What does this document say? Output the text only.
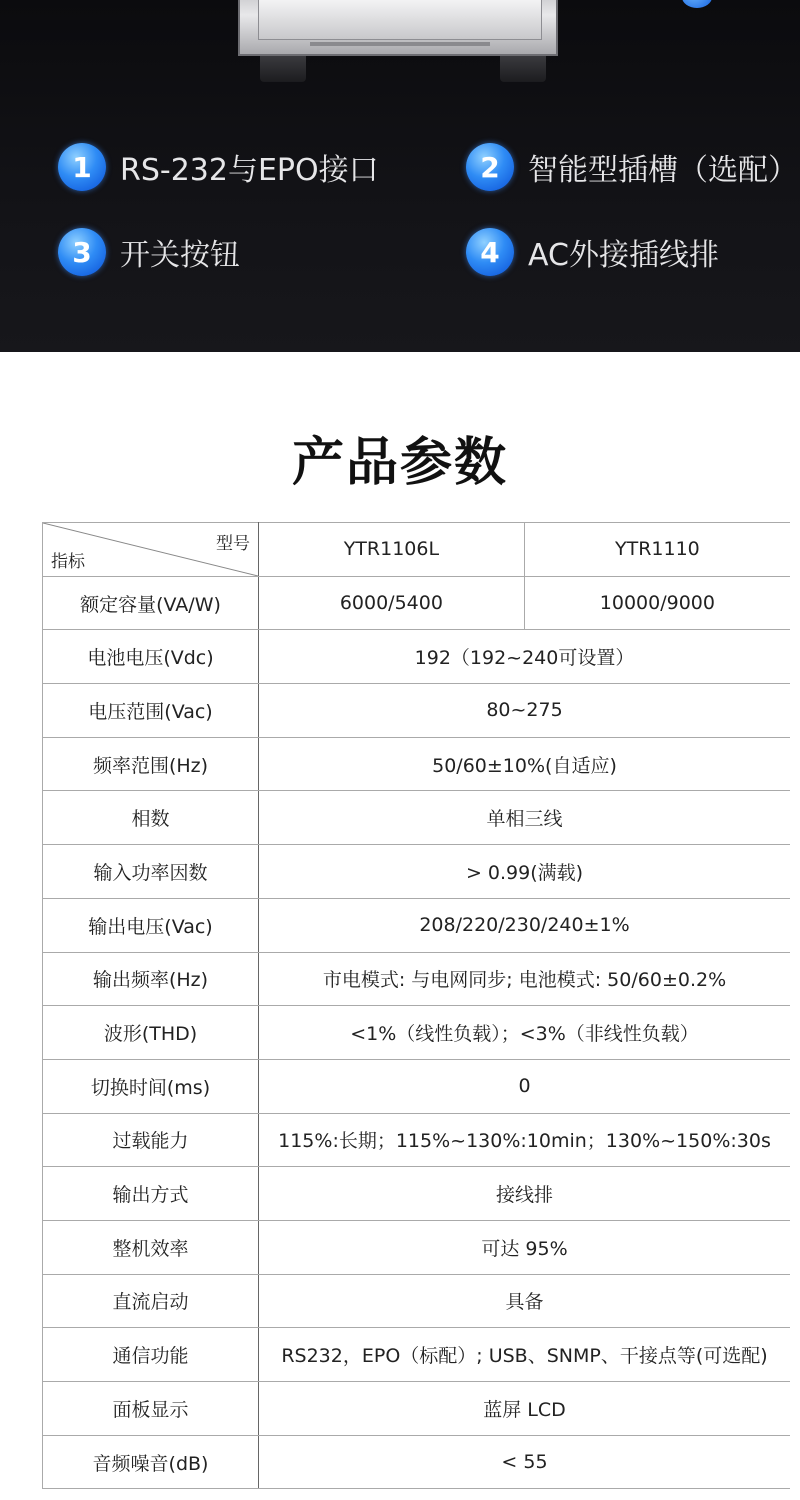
1 RS-232与EPO接口	2 智能型插槽（选配）
3 开关按钮	4 AC外接插线排
产品参数
型号
指标	YTR1106L	YTR1110
额定容量(VA/W)	6000/5400	10000/9000
电池电压(Vdc)	192（192~240可设置）	
电压范围(Vac)	80~275	
频率范围(Hz)	50/60±10%(自适应)	
相数	单相三线	
输入功率因数	> 0.99(满载)	
输出电压(Vac)	208/220/230/240±1%	
输出频率(Hz)	市电模式: 与电网同步; 电池模式: 50/60±0.2%	
波形(THD)	<1%（线性负载）；<3%（非线性负载）	
切换时间(ms)	0	
过载能力	115%:长期；115%~130%:10min；130%~150%:30s	
输出方式	接线排	
整机效率	可达 95%	
直流启动	具备	
通信功能	RS232，EPO（标配）; USB、SNMP、干接点等(可选配)	
面板显示	蓝屏 LCD	
音频噪音(dB)	< 55	
